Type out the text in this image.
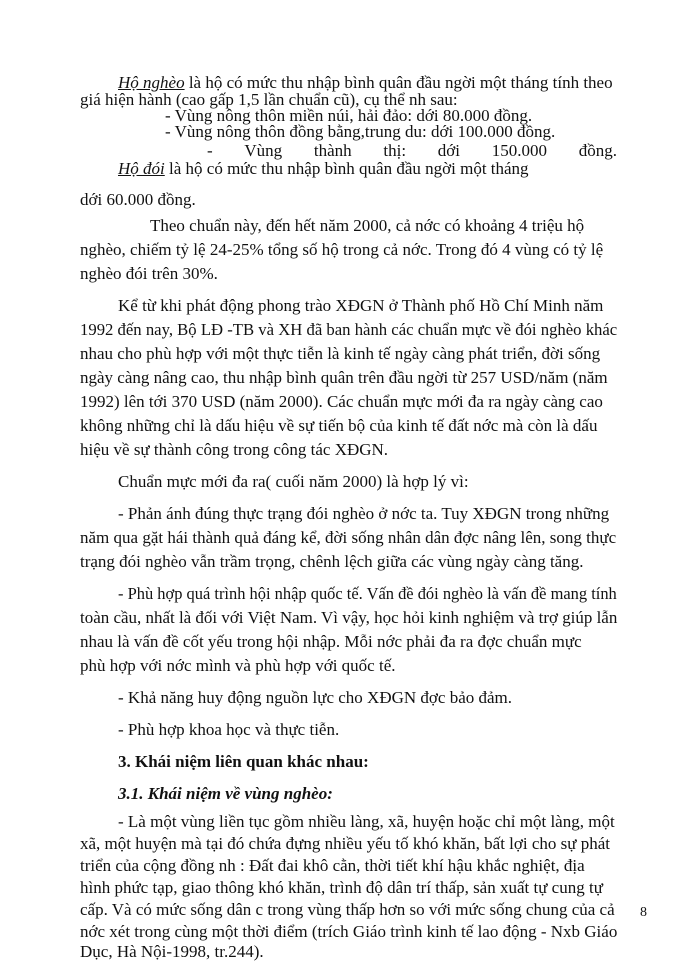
Hộ nghèo là hộ có mức thu nhập bình quân đầu ngời một tháng tính theo
giá hiện hành (cao gấp 1,5 lần chuẩn cũ), cụ thể nh sau:
- Vùng nông thôn miền núi, hải đảo: dới 80.000 đồng.
- Vùng nông thôn đồng bằng,trung du: dới 100.000 đồng.
- Vùng thành thị: dới 150.000 đồng.
Hộ đói là hộ có mức thu nhập bình quân đầu ngời một tháng
dới 60.000 đồng.
Theo chuẩn này, đến hết năm 2000, cả nớc có khoảng 4 triệu hộ
nghèo, chiếm tỷ lệ 24-25% tổng số hộ trong cả nớc. Trong đó 4 vùng có tỷ lệ
nghèo đói trên 30%.
Kể từ khi phát động phong trào XĐGN ở Thành phố Hồ Chí Minh năm
1992 đến nay, Bộ LĐ -TB và XH đã ban hành các chuẩn mực về đói nghèo khác
nhau cho phù hợp với một thực tiễn là kinh tế ngày càng phát triển, đời sống
ngày càng nâng cao, thu nhập bình quân trên đầu ngời từ 257 USD/năm (năm
1992) lên tới 370 USD (năm 2000). Các chuẩn mực mới đa ra ngày càng cao
không những chỉ là dấu hiệu về sự tiến bộ của kinh tế đất nớc mà còn là dấu
hiệu về sự thành công trong công tác XĐGN.
Chuẩn mực mới đa ra( cuối năm 2000) là hợp lý vì:
- Phản ánh đúng thực trạng đói nghèo ở nớc ta. Tuy XĐGN trong những
năm qua gặt hái thành quả đáng kể, đời sống nhân dân đợc nâng lên, song thực
trạng đói nghèo vẫn trầm trọng, chênh lệch giữa các vùng ngày càng tăng.
- Phù hợp quá trình hội nhập quốc tế. Vấn đề đói nghèo là vấn đề mang tính
toàn cầu, nhất là đối với Việt Nam. Vì vậy, học hỏi kinh nghiệm và trợ giúp lẫn
nhau là vấn đề cốt yếu trong hội nhập. Mỗi nớc phải đa ra đợc chuẩn mực
phù hợp với nớc mình và phù hợp với quốc tế.
- Khả năng huy động nguồn lực cho XĐGN đợc bảo đảm.
- Phù hợp khoa học và thực tiễn.
3. Khái niệm liên quan khác nhau:
3.1. Khái niệm về vùng nghèo:
- Là một vùng liền tục gồm nhiều làng, xã, huyện hoặc chỉ một làng, một
xã, một huyện mà tại đó chứa đựng nhiều yếu tố khó khăn, bất lợi cho sự phát
triển của cộng đồng nh : Đất đai khô cằn, thời tiết khí hậu khắc nghiệt, địa
hình phức tạp, giao thông khó khăn, trình độ dân trí thấp, sản xuất tự cung tự
cấp. Và có mức sống dân c trong vùng thấp hơn so với mức sống chung của cả
nớc xét trong cùng một thời điểm (trích Giáo trình kinh tế lao động - Nxb Giáo
Dục, Hà Nội-1998, tr.244).
8
